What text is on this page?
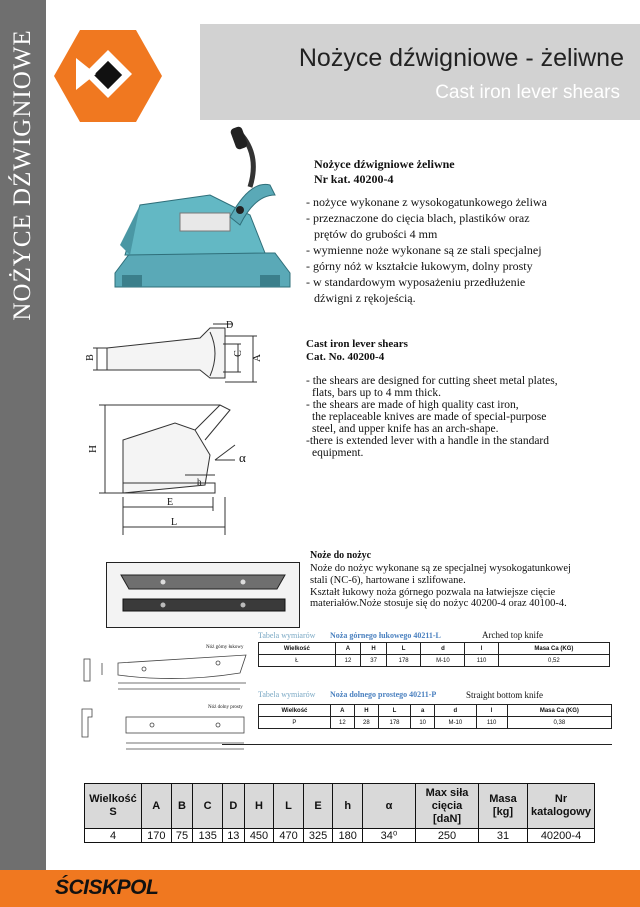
NOŻYCE DŹWIGNIOWE	Nożyce dźwigniowe - żeliwne
Cast iron lever shears
Nożyce dźwigniowe żeliwne
Nr kat. 40200-4
- nożyce wykonane z wysokogatunkowego żeliwa
- przeznaczone do cięcia blach, plastików oraz
prętów do grubości 4 mm
- wymienne noże wykonane są ze stali specjalnej
- górny nóż w kształcie łukowym, dolny prosty
- w standardowym wyposażeniu przedłużenie
dźwigni z rękojeścią.
D
B
C
A
H
h
E
L
α
Cast iron lever shears
Cat. No. 40200-4
- the shears are designed for cutting sheet metal plates,
flats, bars up to 4 mm thick.
- the shears are made of high quality cast iron,
the replaceable knives are made of special-purpose
steel, and upper knife has an arch-shape.
-there is extended lever with a handle in the standard
equipment.
Noże do nożyc
Noże do nożyc wykonane są ze specjalnej wysokogatunkowej
stali (NC-6), hartowane i szlifowane.
Kształt łukowy noża górnego pozwala na łatwiejsze cięcie
materiałów.Noże stosuje się do nożyc 40200-4 oraz 40100-4.
Tabela wymiarów Noża górnego łukowego 40211-L	Arched top knife
Nóż górny łukowy	Wielkość	A	H	L	d	l	Masa Ca (KG)
Ł	12	37	178	M-10	110	0,52
Tabela wymiarów Noża dolnego prostego 40211-P	Straight bottom knife
Nóż dolny prosty	Wielkość	A	H	L	a	d	l	Masa Ca (KG)
P	12	28	178	10	M-10	110	0,38
Wielkość S	A	B	C	D	H	L	E	h	α	Max siła cięcia [daN]	Masa [kg]	Nr katalogowy
4	170	75	135	13	450	470	325	180	34⁰	250	31	40200-4
ŚCISKPOL
